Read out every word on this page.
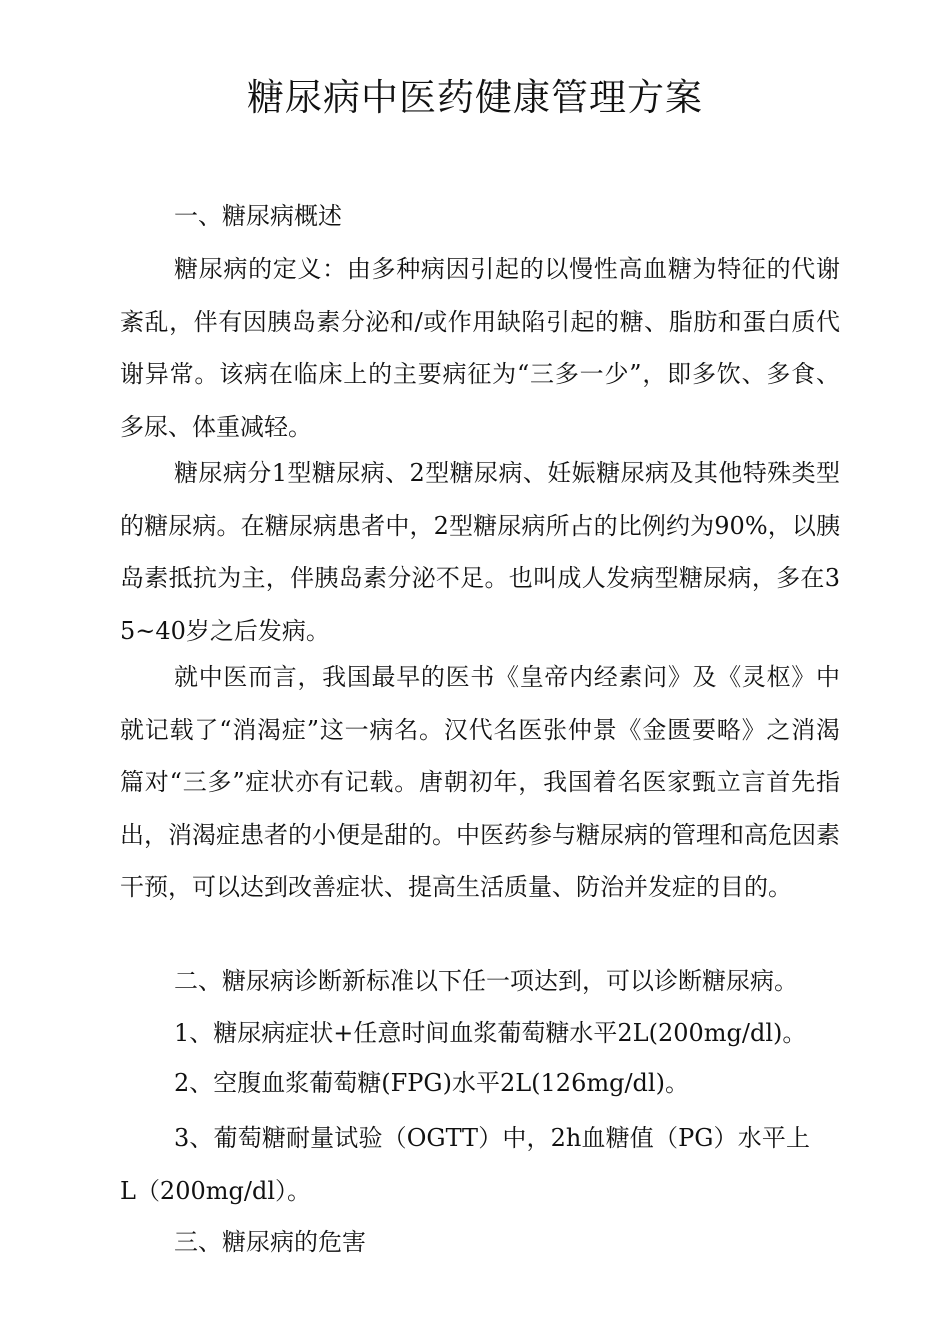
糖尿病中医药健康管理方案

一、糖尿病概述

糖尿病的定义：由多种病因引起的以慢性高血糖为特征的代谢紊乱，伴有因胰岛素分泌和/或作用缺陷引起的糖、脂肪和蛋白质代谢异常。该病在临床上的主要病征为“三多一少”，即多饮、多食、多尿、体重减轻。

糖尿病分1型糖尿病、2型糖尿病、妊娠糖尿病及其他特殊类型的糖尿病。在糖尿病患者中，2型糖尿病所占的比例约为90%，以胰岛素抵抗为主，伴胰岛素分泌不足。也叫成人发病型糖尿病，多在35~40岁之后发病。

就中医而言，我国最早的医书《皇帝内经素问》及《灵枢》中就记载了“消渴症”这一病名。汉代名医张仲景《金匮要略》之消渴篇对“三多”症状亦有记载。唐朝初年，我国着名医家甄立言首先指出，消渴症患者的小便是甜的。中医药参与糖尿病的管理和高危因素干预，可以达到改善症状、提高生活质量、防治并发症的目的。

二、糖尿病诊断新标准以下任一项达到，可以诊断糖尿病。

1、糖尿病症状+任意时间血浆葡萄糖水平2L(200mg/dl)。

2、空腹血浆葡萄糖(FPG)水平2L(126mg/dl)。

3、葡萄糖耐量试验（OGTT）中，2h血糖值（PG）水平上L（200mg/dl）。

三、糖尿病的危害
